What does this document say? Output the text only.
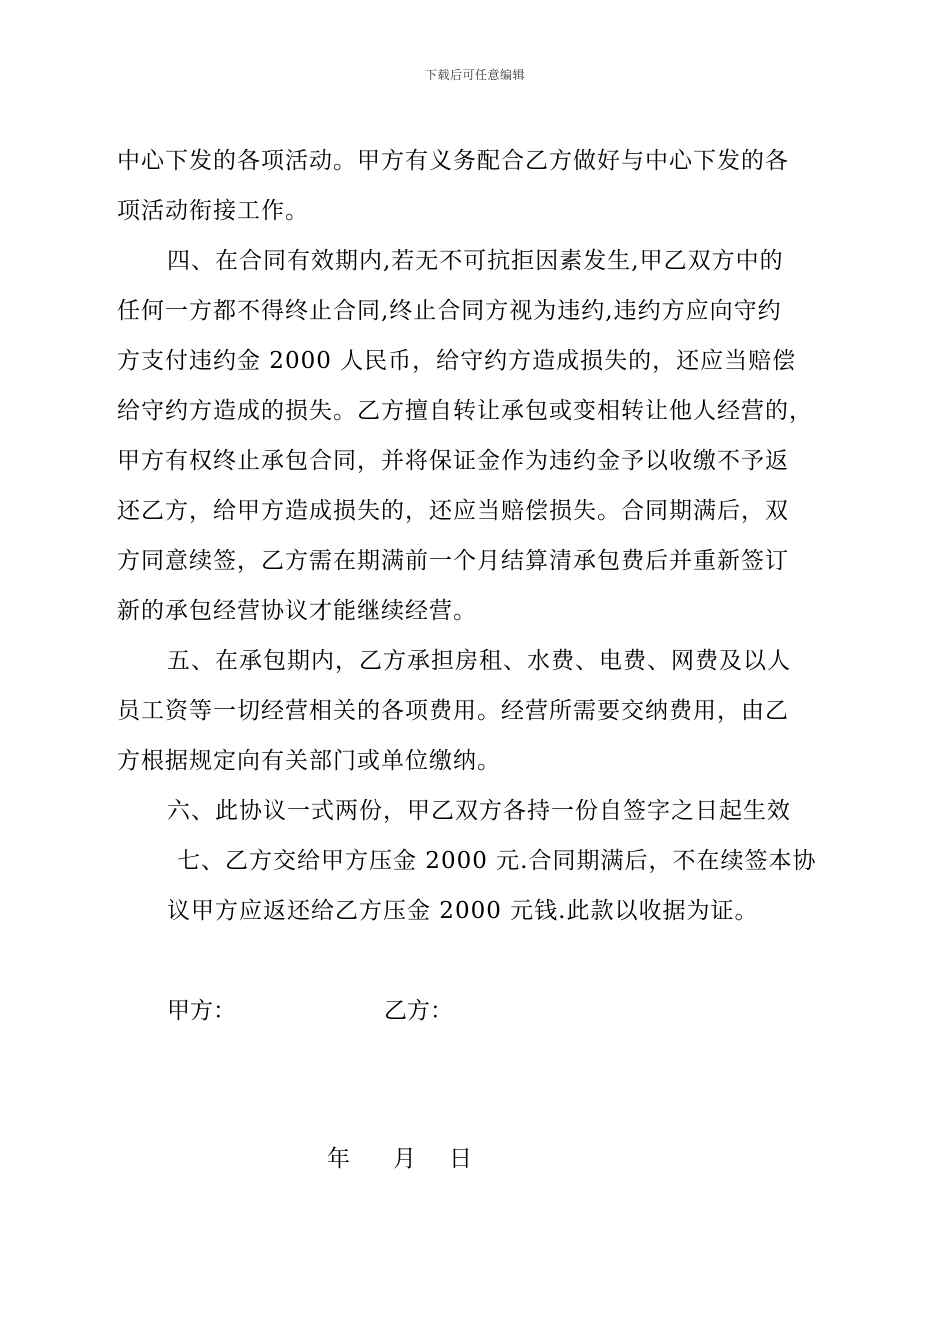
下载后可任意编辑
中心下发的各项活动。甲方有义务配合乙方做好与中心下发的各
项活动衔接工作。
四、在合同有效期内,若无不可抗拒因素发生,甲乙双方中的
任何一方都不得终止合同,终止合同方视为违约,违约方应向守约
方支付违约金 2000 人民币，给守约方造成损失的，还应当赔偿
给守约方造成的损失。乙方擅自转让承包或变相转让他人经营的，
甲方有权终止承包合同，并将保证金作为违约金予以收缴不予返
还乙方，给甲方造成损失的，还应当赔偿损失。合同期满后，双
方同意续签，乙方需在期满前一个月结算清承包费后并重新签订
新的承包经营协议才能继续经营。
五、在承包期内，乙方承担房租、水费、电费、网费及以人
员工资等一切经营相关的各项费用。经营所需要交纳费用，由乙
方根据规定向有关部门或单位缴纳。
六、此协议一式两份，甲乙双方各持一份自签字之日起生效
七、乙方交给甲方压金 2000 元.合同期满后，不在续签本协
议甲方应返还给乙方压金 2000 元钱.此款以收据为证。
甲方：	乙方：
年 月 日
